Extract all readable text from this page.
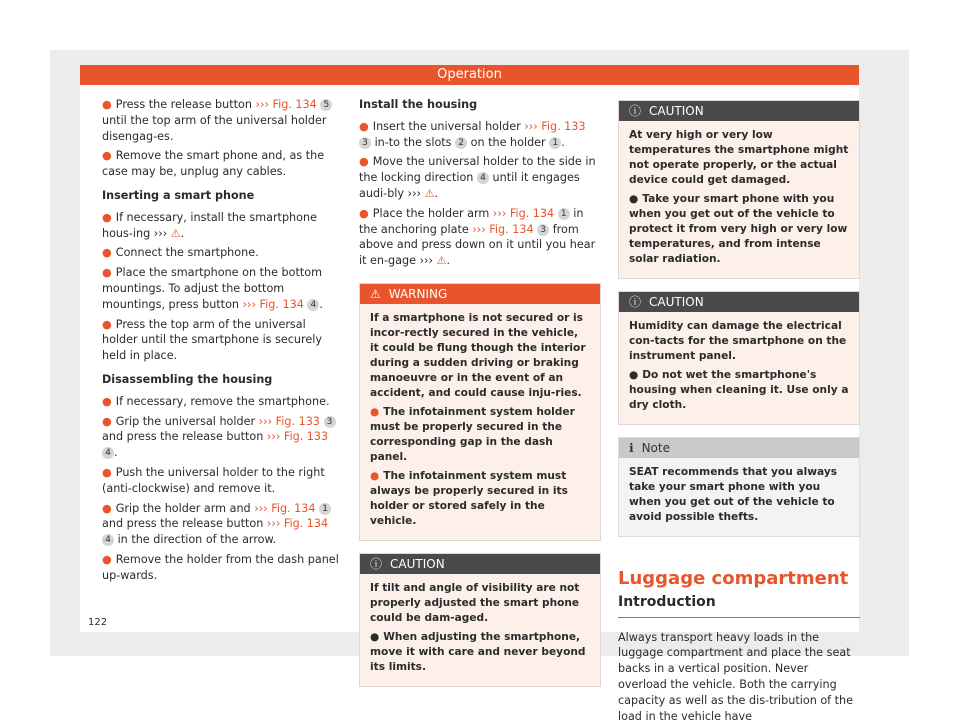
Operation

● Press the release button ››› Fig. 134 5 until the top arm of the universal holder disengag-es.

● Remove the smart phone and, as the case may be, unplug any cables.

Inserting a smart phone

● If necessary, install the smartphone hous-ing ››› ⚠.

● Connect the smartphone.

● Place the smartphone on the bottom mountings. To adjust the bottom mountings, press button ››› Fig. 134 4 .

● Press the top arm of the universal holder until the smartphone is securely held in place.

Disassembling the housing

● If necessary, remove the smartphone.

● Grip the universal holder ››› Fig. 133 3 and press the release button ››› Fig. 133 4 .

● Push the universal holder to the right (anti-clockwise) and remove it.

● Grip the holder arm and ››› Fig. 134 1 and press the release button ››› Fig. 134 4 in the direction of the arrow.

● Remove the holder from the dash panel up-wards.

Install the housing

● Insert the universal holder ››› Fig. 133 3 in-to the slots 2 on the holder 1 .

● Move the universal holder to the side in the locking direction 4 until it engages audi-bly ››› ⚠.

● Place the holder arm ››› Fig. 134 1 in the anchoring plate ››› Fig. 134 3 from above and press down on it until you hear it en-gage ››› ⚠.

⚠ WARNING

If a smartphone is not secured or is incor-rectly secured in the vehicle, it could be flung though the interior during a sudden driving or braking manoeuvre or in the event of an accident, and could cause inju-ries.

● The infotainment system holder must be properly secured in the corresponding gap in the dash panel.

● The infotainment system must always be properly secured in its holder or stored safely in the vehicle.

ⓘ CAUTION

If tilt and angle of visibility are not properly adjusted the smart phone could be dam-aged.

● When adjusting the smartphone, move it with care and never beyond its limits.

ⓘ CAUTION

At very high or very low temperatures the smartphone might not operate properly, or the actual device could get damaged.

● Take your smart phone with you when you get out of the vehicle to protect it from very high or very low temperatures, and from intense solar radiation.

ⓘ CAUTION

Humidity can damage the electrical con-tacts for the smartphone on the instrument panel.

● Do not wet the smartphone's housing when cleaning it. Use only a dry cloth.

ℹ Note

SEAT recommends that you always take your smart phone with you when you get out of the vehicle to avoid possible thefts.

Luggage compartment
Introduction

Always transport heavy loads in the luggage compartment and place the seat backs in a vertical position. Never overload the vehicle. Both the carrying capacity as well as the dis-tribution of the load in the vehicle have

122
